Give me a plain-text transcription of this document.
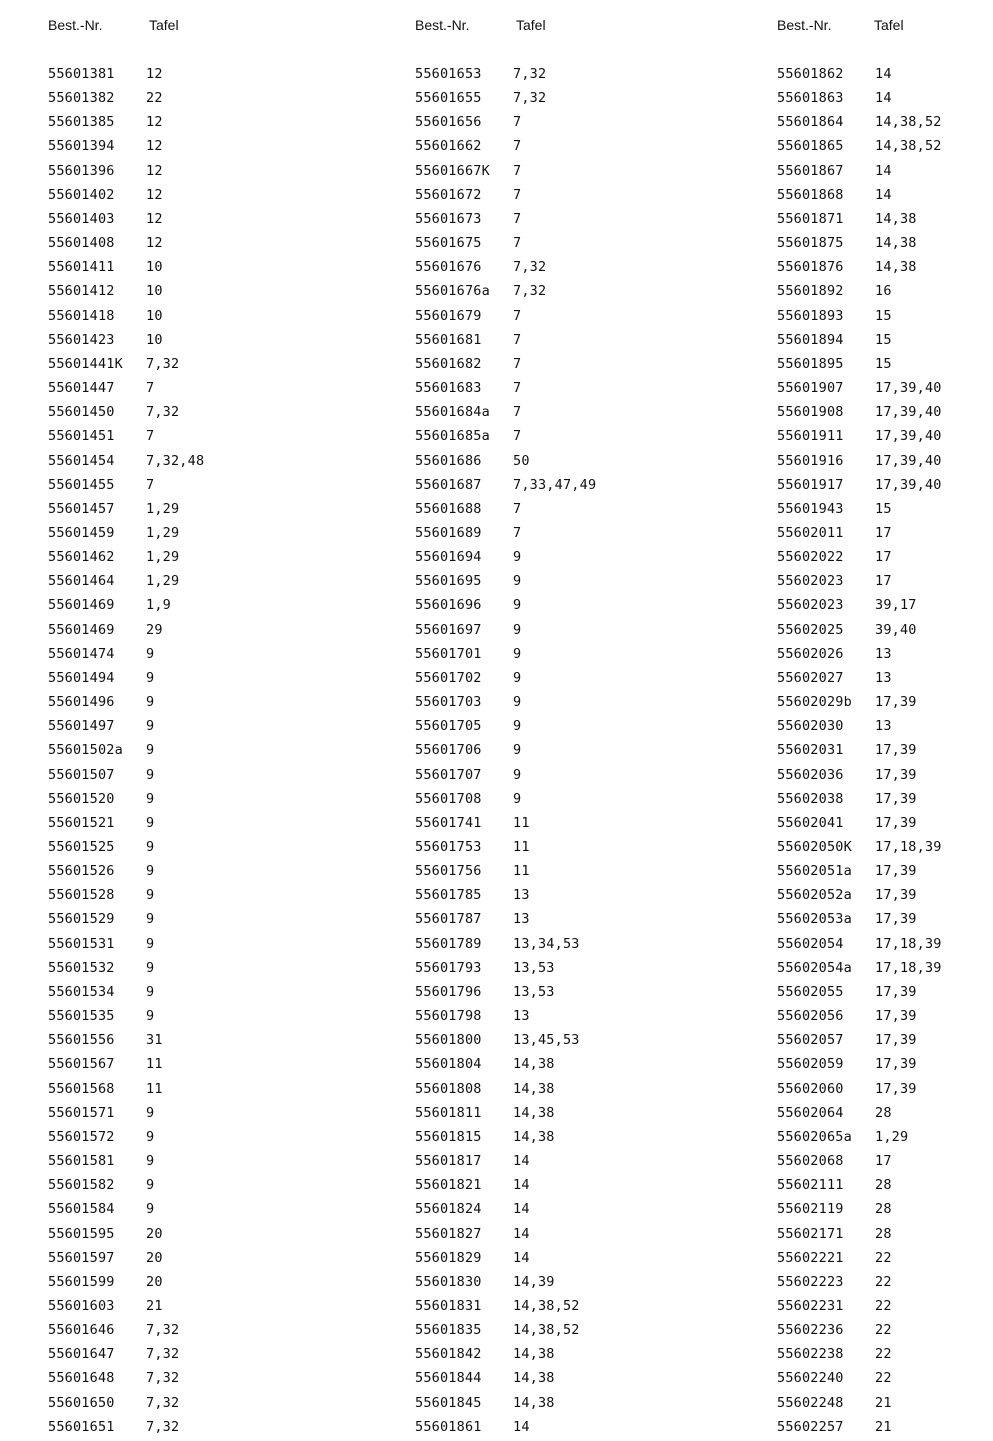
Best.-Nr.	Tafel
55601381 12
55601382 22
55601385 12
55601394 12
55601396 12
55601402 12
55601403 12
55601408 12
55601411 10
55601412 10
55601418 10
55601423 10
55601441K 7,32
55601447 7
55601450 7,32
55601451 7
55601454 7,32,48
55601455 7
55601457 1,29
55601459 1,29
55601462 1,29
55601464 1,29
55601469 1,9
55601469 29
55601474 9
55601494 9
55601496 9
55601497 9
55601502a 9
55601507 9
55601520 9
55601521 9
55601525 9
55601526 9
55601528 9
55601529 9
55601531 9
55601532 9
55601534 9
55601535 9
55601556 31
55601567 11
55601568 11
55601571 9
55601572 9
55601581 9
55601582 9
55601584 9
55601595 20
55601597 20
55601599 20
55601603 21
55601646 7,32
55601647 7,32
55601648 7,32
55601650 7,32
55601651 7,32
Best.-Nr.	Tafel
55601653 7,32
55601655 7,32
55601656 7
55601662 7
55601667K 7
55601672 7
55601673 7
55601675 7
55601676 7,32
55601676a 7,32
55601679 7
55601681 7
55601682 7
55601683 7
55601684a 7
55601685a 7
55601686 50
55601687 7,33,47,49
55601688 7
55601689 7
55601694 9
55601695 9
55601696 9
55601697 9
55601701 9
55601702 9
55601703 9
55601705 9
55601706 9
55601707 9
55601708 9
55601741 11
55601753 11
55601756 11
55601785 13
55601787 13
55601789 13,34,53
55601793 13,53
55601796 13,53
55601798 13
55601800 13,45,53
55601804 14,38
55601808 14,38
55601811 14,38
55601815 14,38
55601817 14
55601821 14
55601824 14
55601827 14
55601829 14
55601830 14,39
55601831 14,38,52
55601835 14,38,52
55601842 14,38
55601844 14,38
55601845 14,38
55601861 14
Best.-Nr.	Tafel
55601862 14
55601863 14
55601864 14,38,52
55601865 14,38,52
55601867 14
55601868 14
55601871 14,38
55601875 14,38
55601876 14,38
55601892 16
55601893 15
55601894 15
55601895 15
55601907 17,39,40
55601908 17,39,40
55601911 17,39,40
55601916 17,39,40
55601917 17,39,40
55601943 15
55602011 17
55602022 17
55602023 17
55602023 39,17
55602025 39,40
55602026 13
55602027 13
55602029b 17,39
55602030 13
55602031 17,39
55602036 17,39
55602038 17,39
55602041 17,39
55602050K 17,18,39
55602051a 17,39
55602052a 17,39
55602053a 17,39
55602054 17,18,39
55602054a 17,18,39
55602055 17,39
55602056 17,39
55602057 17,39
55602059 17,39
55602060 17,39
55602064 28
55602065a 1,29
55602068 17
55602111 28
55602119 28
55602171 28
55602221 22
55602223 22
55602231 22
55602236 22
55602238 22
55602240 22
55602248 21
55602257 21
